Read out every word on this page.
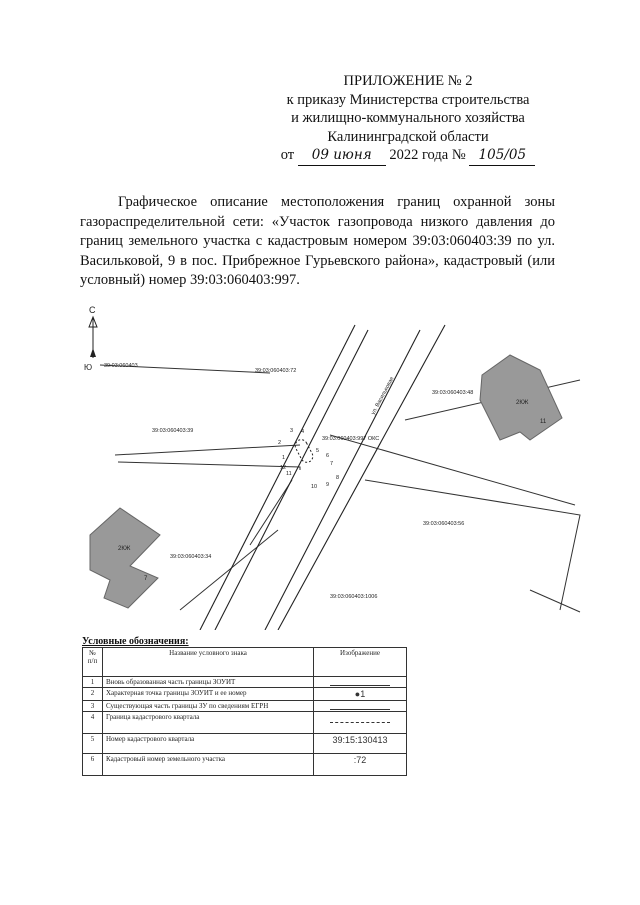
ПРИЛОЖЕНИЕ № 2
к приказу Министерства строительства
и жилищно-коммунального хозяйства
Калининградской области
от 09 июня 2022 года № 105/05
Графическое описание местоположения границ охранной зоны газораспределительной сети: «Участок газопровода низкого давления до границ земельного участка с кадастровым номером 39:03:060403:39 по ул. Васильковой, 9 в пос. Прибрежное Гурьевского района», кадастровый (или условный) номер 39:03:060403:997.
С
Ю
2КЖ
11
2КЖ
7
39:03:060403
39:03:060403:72
39:03:060403:48
39:03:060403:39
39:03:060403:997 ОКС
39:03:060403:56
39:03:060403:34
39:03:060403:1006
ул. Васильковая
1
2
3 4
5
6
7
8
9
10
11
12
Условные обозначения:
№ п/п	Название условного знака	Изображение
1	Вновь образованная часть границы ЗОУИТ	

2	Характерная точка границы ЗОУИТ и ее номер	●1
3	Существующая часть границы ЗУ по сведениям ЕГРН	

4	Граница кадастрового квартала	

5	Номер кадастрового квартала	39:15:130413
6	Кадастровый номер земельного участка	:72
